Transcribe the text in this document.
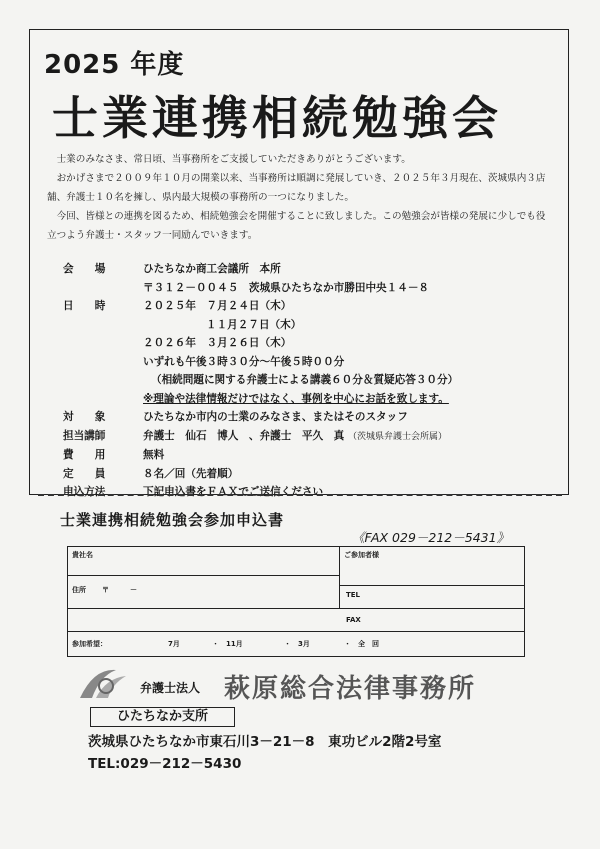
2025 年度
士業連携相続勉強会

士業のみなさま、常日頃、当事務所をご支援していただきありがとうございます。

おかげさまで２００９年１０月の開業以来、当事務所は順調に発展していき、２０２５年３月現在、茨城県内３店舗、弁護士１０名を擁し、県内最大規模の事務所の一つになりました。

今回、皆様との連携を図るため、相続勉強会を開催することに致しました。この勉強会が皆様の発展に少しでも役立つよう弁護士・スタッフ一同励んでいきます。

会　　場	ひたちなか商工会議所　本所
〒３１２－００４５　茨城県ひたちなか市勝田中央１４－８
日　　時	２０２５年　７月２４日（木）
１１月２７日（木）
２０２６年　３月２６日（木）
いずれも午後３時３０分～午後５時００分
（相続問題に関する弁護士による講義６０分＆質疑応答３０分）
※理論や法律情報だけではなく、事例を中心にお話を致します。
対　　象	ひたちなか市内の士業のみなさま、またはそのスタッフ
担当講師	弁護士　仙石　博人　、弁護士　平久　真 （茨城県弁護士会所属）
費　　用	無料
定　　員	８名／回（先着順）
申込方法	下記申込書をＦＡＸでご送信ください
士業連携相続勉強会参加申込書
《FAX 029－212－5431》
貴社名	ご参加者様
住所 〒	－
TEL
FAX
参加希望：	7月	・　11月	・　3月	・　全　回
弁護士法人 萩原総合法律事務所
ひたちなか支所
茨城県ひたちなか市東石川3－21－8　東功ビル2階2号室
TEL:029－212－5430
